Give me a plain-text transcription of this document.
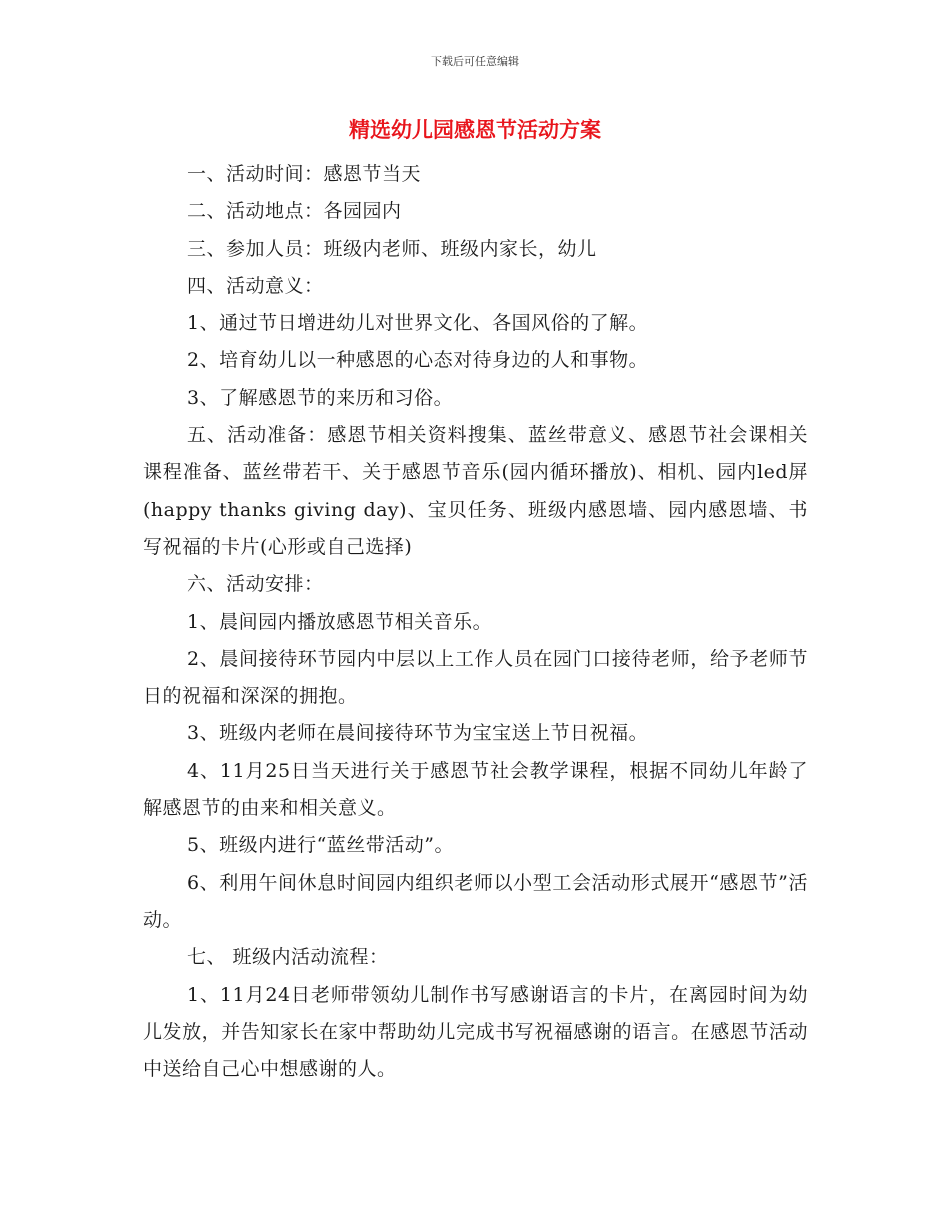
下载后可任意编辑
精选幼儿园感恩节活动方案

一、活动时间：感恩节当天

二、活动地点：各园园内

三、参加人员：班级内老师、班级内家长，幼儿

四、活动意义：

1、通过节日增进幼儿对世界文化、各国风俗的了解。

2、培育幼儿以一种感恩的心态对待身边的人和事物。

3、了解感恩节的来历和习俗。

五、活动准备：感恩节相关资料搜集、蓝丝带意义、感恩节社会课相关课程准备、蓝丝带若干、关于感恩节音乐(园内循环播放)、相机、园内led屏(happy thanks giving day)、宝贝任务、班级内感恩墙、园内感恩墙、书写祝福的卡片(心形或自己选择)

六、活动安排：

1、晨间园内播放感恩节相关音乐。

2、晨间接待环节园内中层以上工作人员在园门口接待老师，给予老师节日的祝福和深深的拥抱。

3、班级内老师在晨间接待环节为宝宝送上节日祝福。

4、11月25日当天进行关于感恩节社会教学课程，根据不同幼儿年龄了解感恩节的由来和相关意义。

5、班级内进行“蓝丝带活动”。

6、利用午间休息时间园内组织老师以小型工会活动形式展开“感恩节”活动。

七、 班级内活动流程：

1、11月24日老师带领幼儿制作书写感谢语言的卡片，在离园时间为幼儿发放，并告知家长在家中帮助幼儿完成书写祝福感谢的语言。在感恩节活动中送给自己心中想感谢的人。
